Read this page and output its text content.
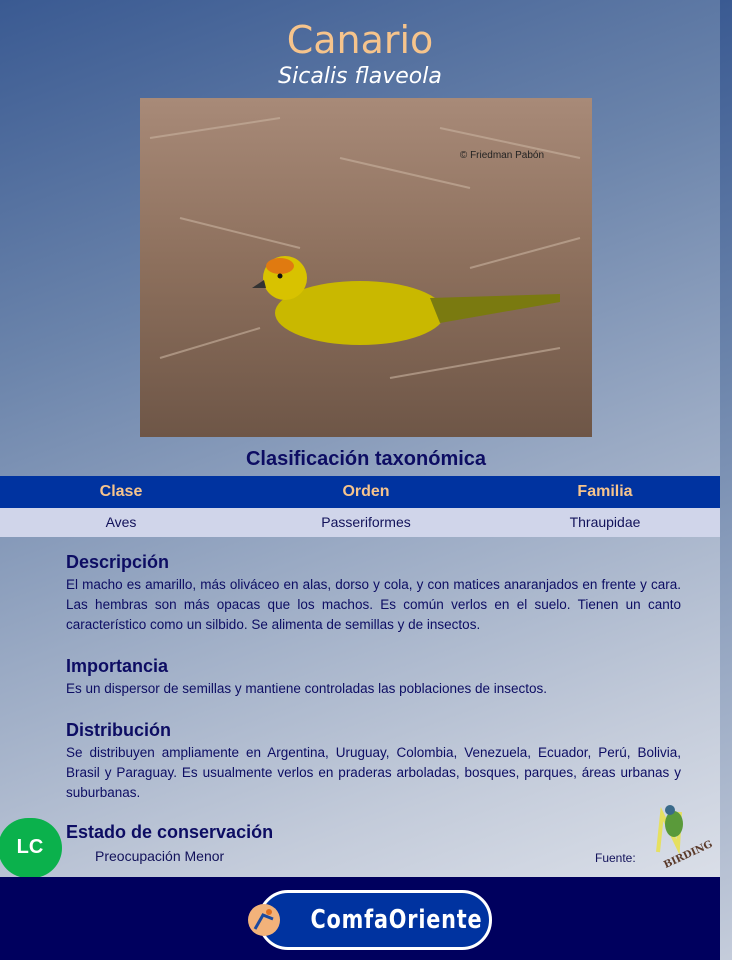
Canario
Sicalis flaveola
© Friedman Pabón
Clasificación taxonómica
Clase	Orden	Familia
Aves	Passeriformes	Thraupidae
Descripción

El macho es amarillo, más oliváceo en alas, dorso y cola, y con matices anaranjados en frente y cara. Las hembras son más opacas que los machos. Es común verlos en el suelo. Tienen un canto característico como un silbido. Se alimenta de semillas y de insectos.

Importancia

Es un dispersor de semillas y mantiene controladas las poblaciones de insectos.

Distribución

Se distribuyen ampliamente en Argentina, Uruguay, Colombia, Venezuela, Ecuador, Perú, Bolivia, Brasil y Paraguay. Es usualmente verlos en praderas arboladas, bosques, parques, áreas urbanas y suburbanas.

LC
Estado de conservación
Preocupación Menor	Fuente:	BIRDING
ComfaOriente
